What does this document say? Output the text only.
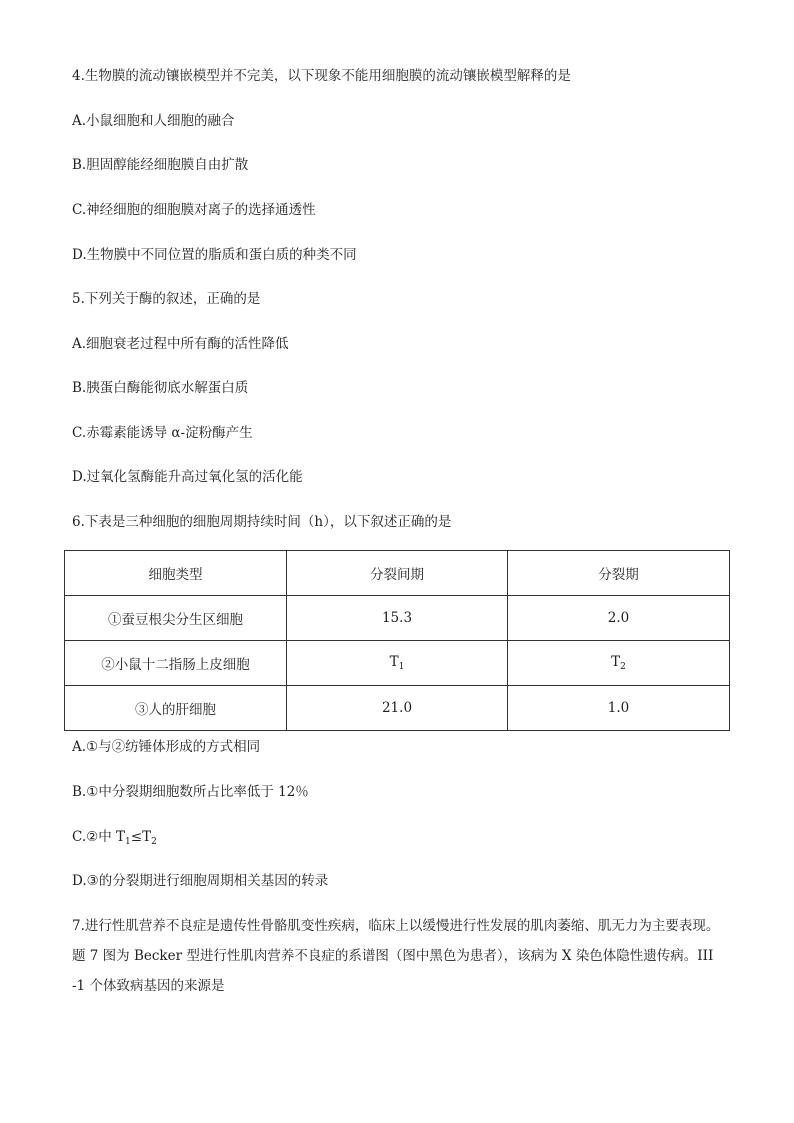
4.生物膜的流动镶嵌模型并不完美，以下现象不能用细胞膜的流动镶嵌模型解释的是
A.小鼠细胞和人细胞的融合
B.胆固醇能经细胞膜自由扩散
C.神经细胞的细胞膜对离子的选择通透性
D.生物膜中不同位置的脂质和蛋白质的种类不同
5.下列关于酶的叙述，正确的是
A.细胞衰老过程中所有酶的活性降低
B.胰蛋白酶能彻底水解蛋白质
C.赤霉素能诱导 α-淀粉酶产生
D.过氧化氢酶能升高过氧化氢的活化能
6.下表是三种细胞的细胞周期持续时间（h），以下叙述正确的是
细胞类型	分裂间期	分裂期
①蚕豆根尖分生区细胞	15.3	2.0
②小鼠十二指肠上皮细胞	$T_1$	$T_2$
③人的肝细胞	21.0	1.0
A.①与②纺锤体形成的方式相同
B.①中分裂期细胞数所占比率低于 12％
C.②中 $T_1\le T_2$
D.③的分裂期进行细胞周期相关基因的转录
7.进行性肌营养不良症是遗传性骨骼肌变性疾病，临床上以缓慢进行性发展的肌肉萎缩、肌无力为主要表现。
题 7 图为 Becker 型进行性肌肉营养不良症的系谱图（图中黑色为患者），该病为 X 染色体隐性遗传病。III
-1 个体致病基因的来源是
